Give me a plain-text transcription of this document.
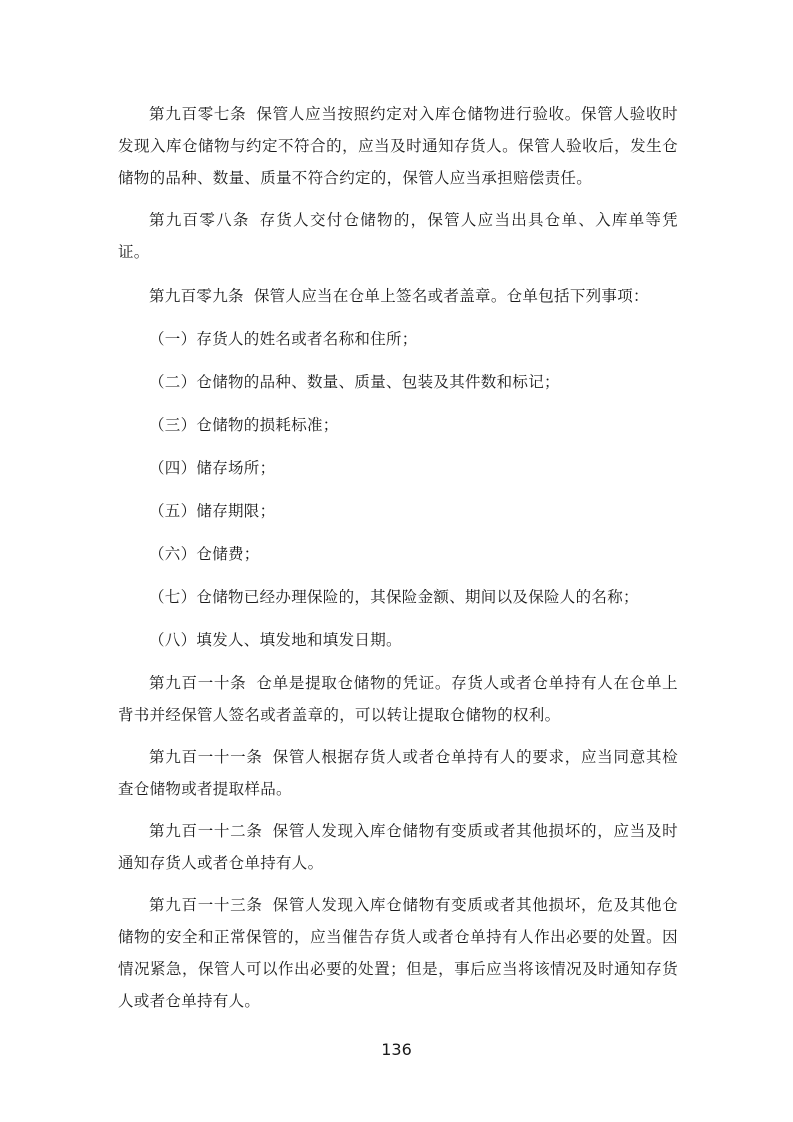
第九百零七条 保管人应当按照约定对入库仓储物进行验收。保管人验收时发现入库仓储物与约定不符合的，应当及时通知存货人。保管人验收后，发生仓储物的品种、数量、质量不符合约定的，保管人应当承担赔偿责任。

第九百零八条 存货人交付仓储物的，保管人应当出具仓单、入库单等凭证。

第九百零九条 保管人应当在仓单上签名或者盖章。仓单包括下列事项：

（一）存货人的姓名或者名称和住所；

（二）仓储物的品种、数量、质量、包装及其件数和标记；

（三）仓储物的损耗标准；

（四）储存场所；

（五）储存期限；

（六）仓储费；

（七）仓储物已经办理保险的，其保险金额、期间以及保险人的名称；

（八）填发人、填发地和填发日期。

第九百一十条 仓单是提取仓储物的凭证。存货人或者仓单持有人在仓单上背书并经保管人签名或者盖章的，可以转让提取仓储物的权利。

第九百一十一条 保管人根据存货人或者仓单持有人的要求，应当同意其检查仓储物或者提取样品。

第九百一十二条 保管人发现入库仓储物有变质或者其他损坏的，应当及时通知存货人或者仓单持有人。

第九百一十三条 保管人发现入库仓储物有变质或者其他损坏，危及其他仓储物的安全和正常保管的，应当催告存货人或者仓单持有人作出必要的处置。因情况紧急，保管人可以作出必要的处置；但是，事后应当将该情况及时通知存货人或者仓单持有人。

136
